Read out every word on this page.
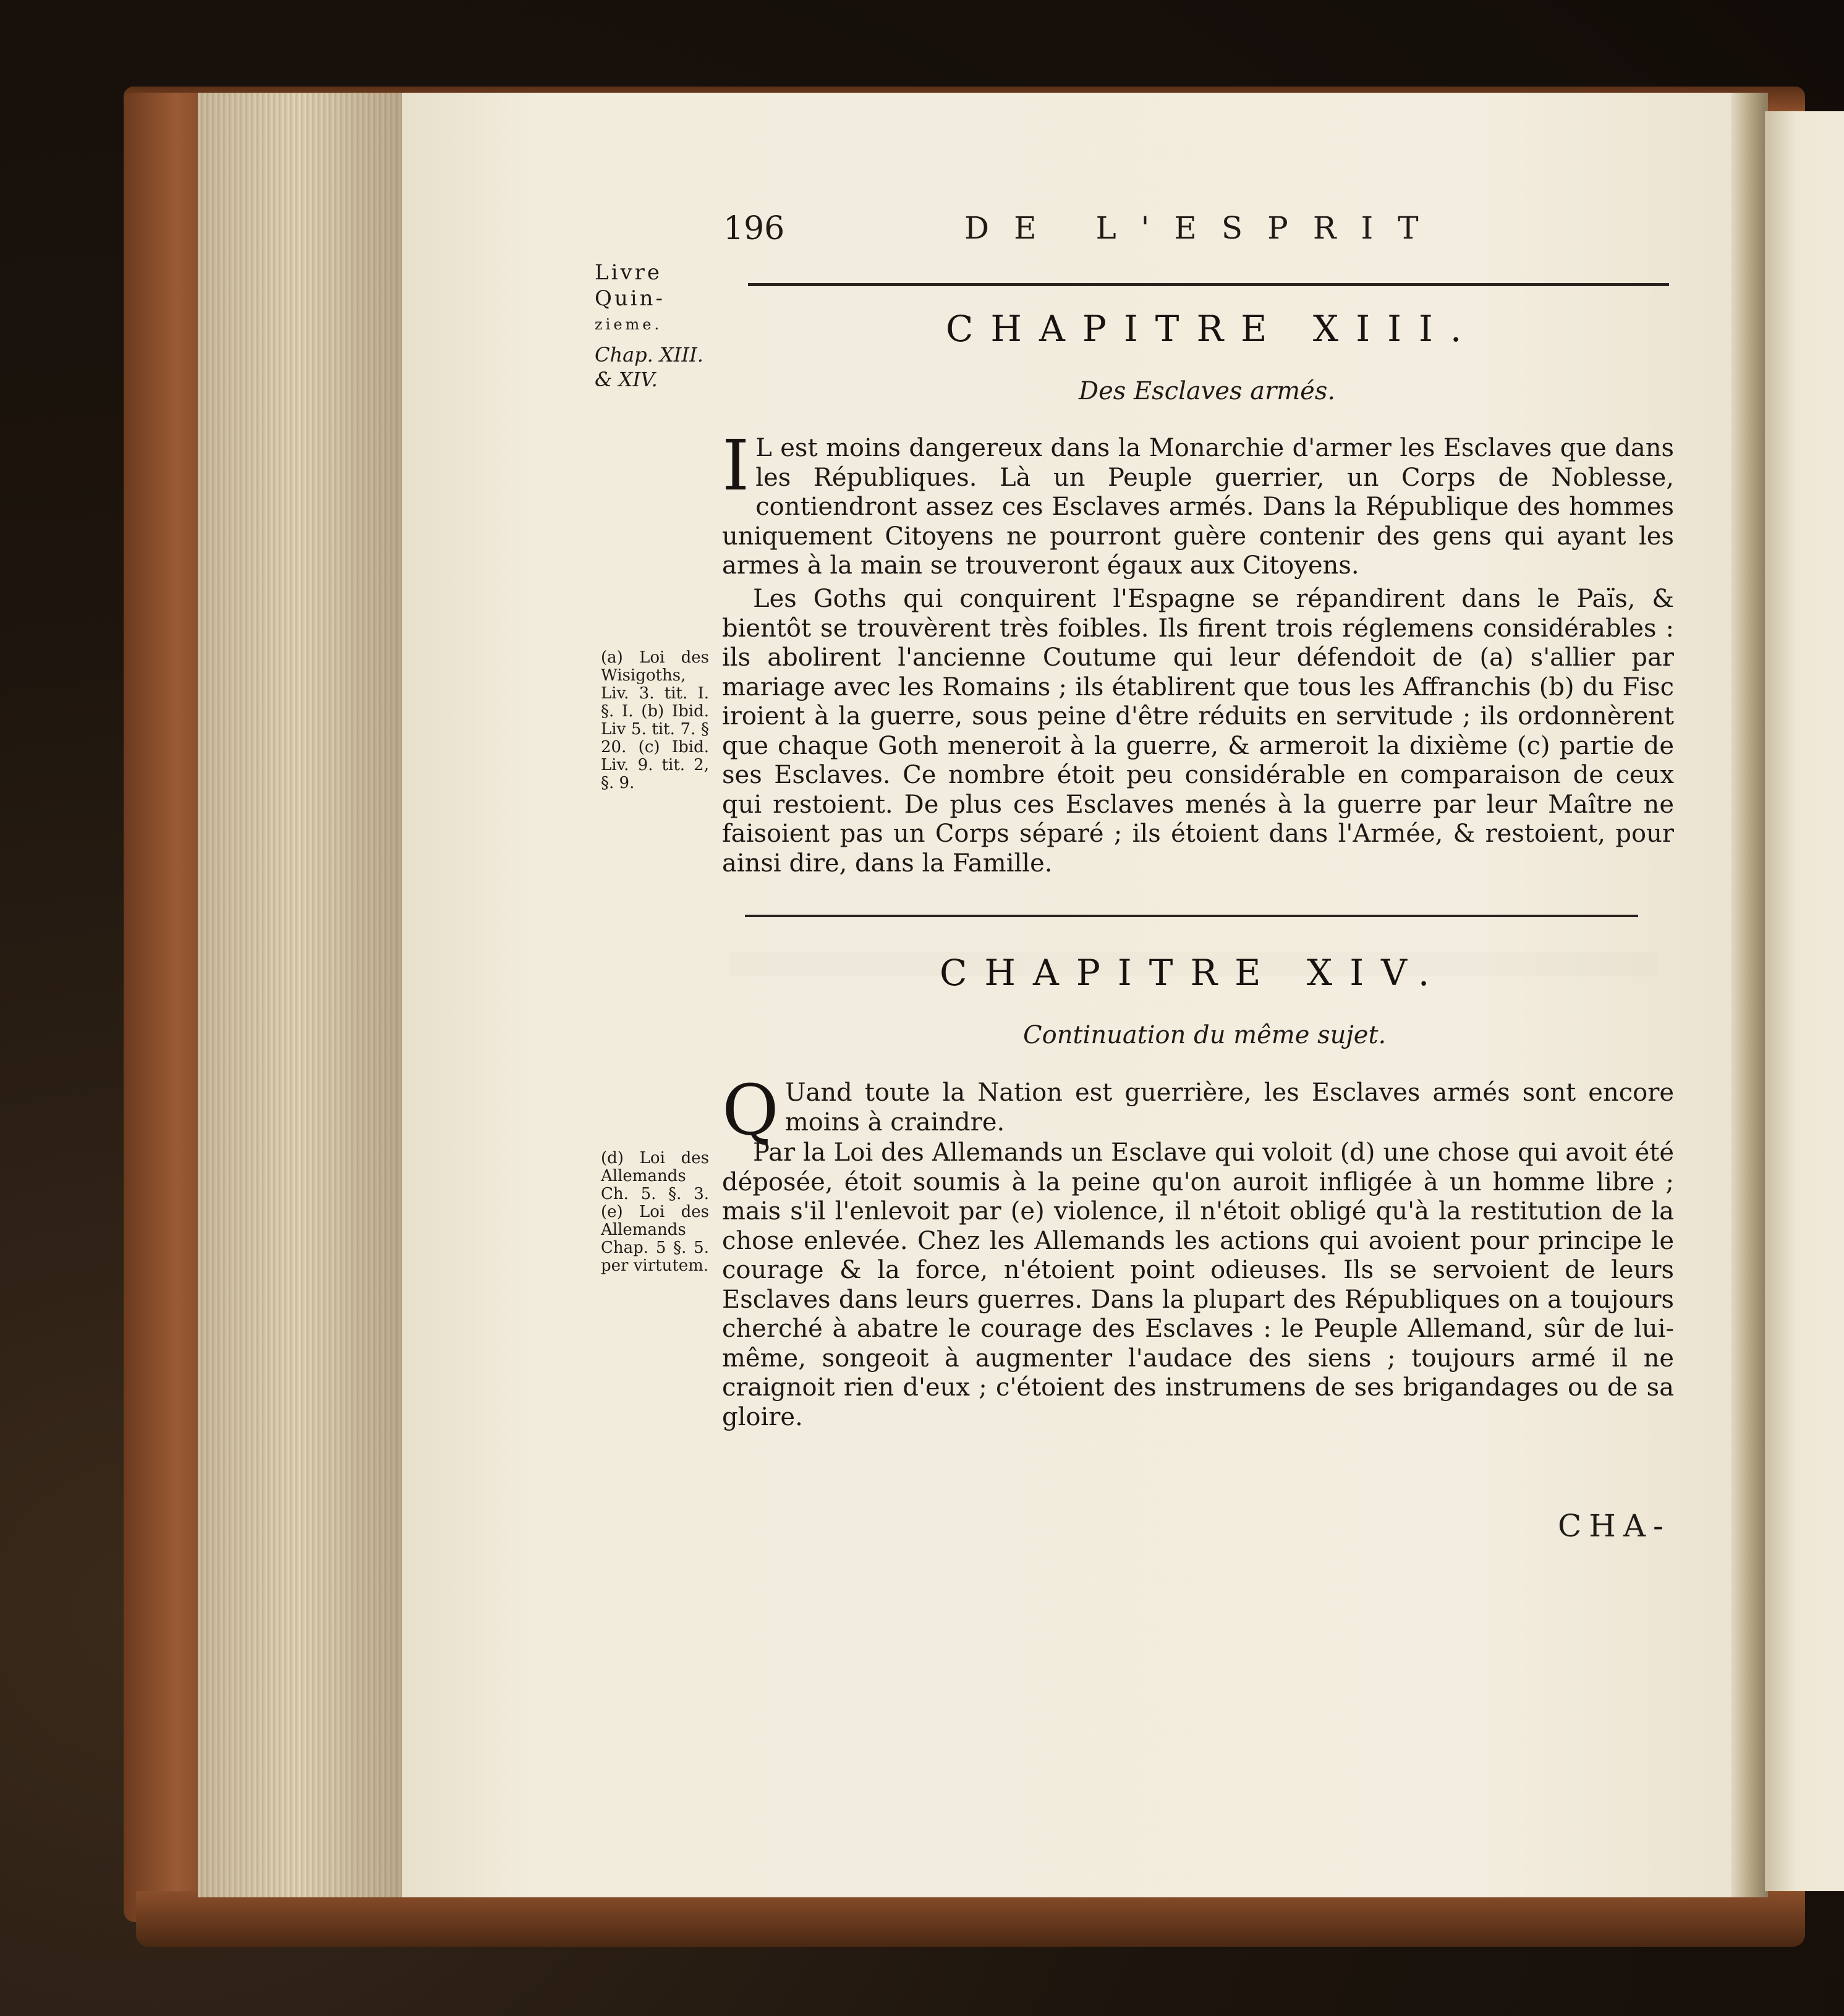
196	DE L'ESPRIT
Livre
Quin-
zieme.
Chap. XIII.
& XIV.
CHAPITRE XIII.
Des Esclaves armés.
I L est moins dangereux dans la Monarchie d'armer les Esclaves que dans les Républiques. Là un Peuple guerrier, un Corps de Noblesse, contiendront assez ces Esclaves armés. Dans la République des hommes uniquement Citoyens ne pourront guère contenir des gens qui ayant les armes à la main se trouveront égaux aux Citoyens.
Les Goths qui conquirent l'Espagne se répandirent dans le Païs, & bientôt se trouvèrent très foibles. Ils firent trois réglemens considérables : ils abolirent l'ancienne Coutume qui leur défendoit de (a) s'allier par mariage avec les Romains ; ils établirent que tous les Affranchis (b) du Fisc iroient à la guerre, sous peine d'être réduits en servitude ; ils ordonnèrent que chaque Goth meneroit à la guerre, & armeroit la dixième (c) partie de ses Esclaves. Ce nombre étoit peu considérable en comparaison de ceux qui restoient. De plus ces Esclaves menés à la guerre par leur Maître ne faisoient pas un Corps séparé ; ils étoient dans l'Armée, & restoient, pour ainsi dire, dans la Famille.
(a) Loi des Wisigoths, Liv. 3. tit. I. §. I. (b) Ibid. Liv 5. tit. 7. § 20. (c) Ibid. Liv. 9. tit. 2, §. 9.
CHAPITRE XIV.
Continuation du même sujet.
Q Uand toute la Nation est guerrière, les Esclaves armés sont encore moins à craindre.
Par la Loi des Allemands un Esclave qui voloit (d) une chose qui avoit été déposée, étoit soumis à la peine qu'on auroit infligée à un homme libre ; mais s'il l'enlevoit par (e) violence, il n'étoit obligé qu'à la restitution de la chose enlevée. Chez les Allemands les actions qui avoient pour principe le courage & la force, n'étoient point odieuses. Ils se servoient de leurs Esclaves dans leurs guerres. Dans la plupart des Républiques on a toujours cherché à abatre le courage des Esclaves : le Peuple Allemand, sûr de lui-même, songeoit à augmenter l'audace des siens ; toujours armé il ne craignoit rien d'eux ; c'étoient des instrumens de ses brigandages ou de sa gloire.
(d) Loi des Allemands Ch. 5. §. 3. (e) Loi des Allemands Chap. 5 §. 5. per virtutem.
CHA-
